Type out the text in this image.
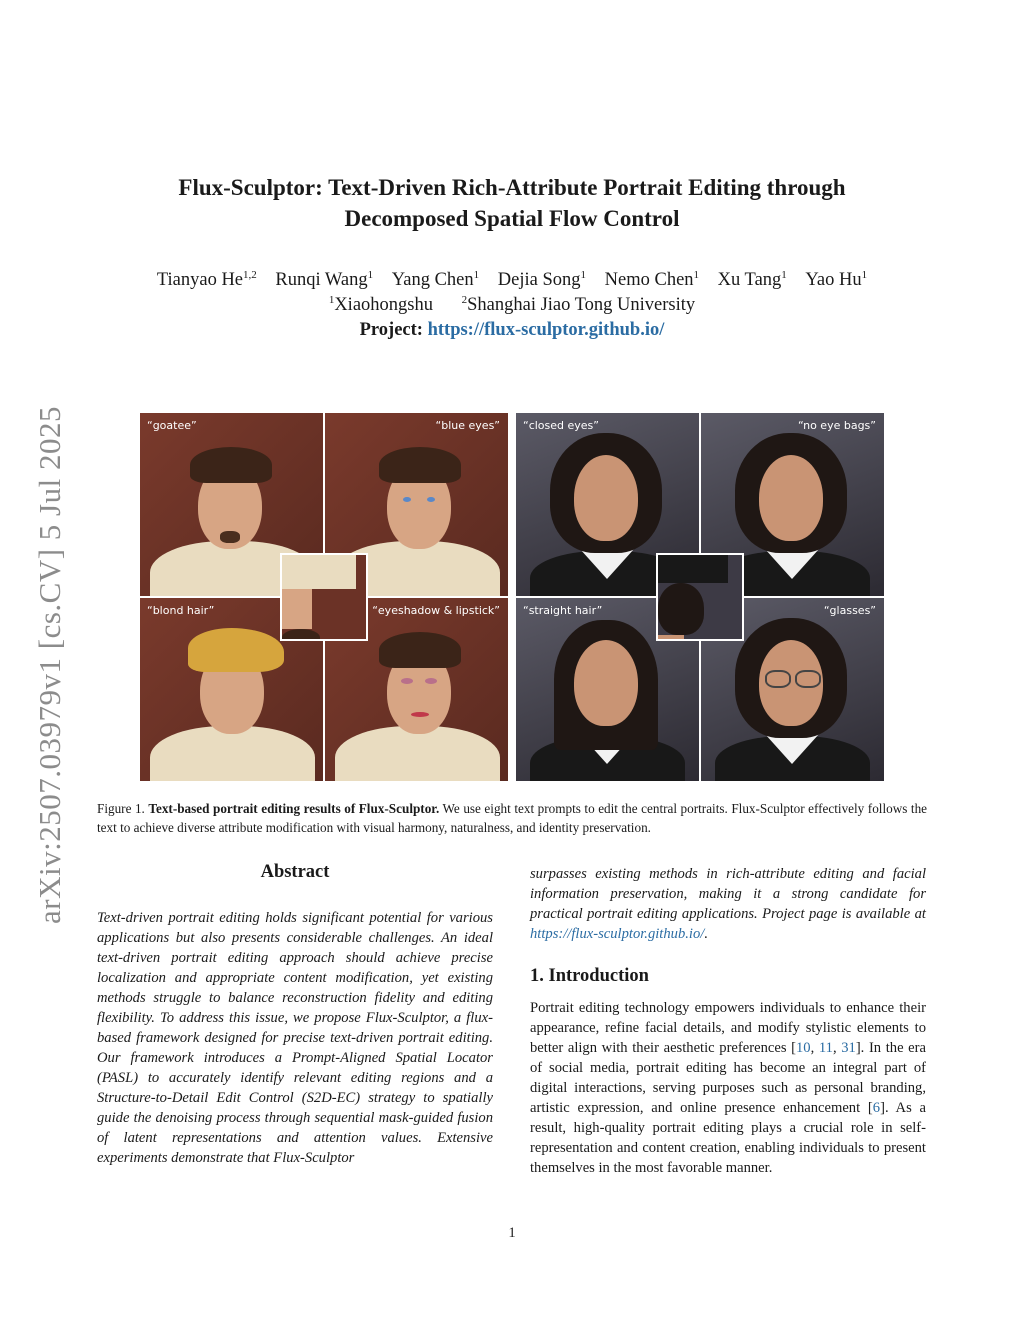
arXiv:2507.03979v1 [cs.CV] 5 Jul 2025
Flux-Sculptor: Text-Driven Rich-Attribute Portrait Editing through
Decomposed Spatial Flow Control
Tianyao He$^{1,2}$ Runqi Wang$^1$ Yang Chen$^1$ Dejia Song$^1$ Nemo Chen$^1$ Xu Tang$^1$ Yao Hu$^1$
$^1$Xiaohongshu	$^2$Shanghai Jiao Tong University
Project: https://flux-sculptor.github.io/
“goatee”	“blue eyes”
“blond hair”	“eyeshadow & lipstick”
“closed eyes”	“no eye bags”
“straight hair”	“glasses”
Figure 1. Text-based portrait editing results of Flux-Sculptor. We use eight text prompts to edit the central portraits. Flux-Sculptor effectively follows the text to achieve diverse attribute modification with visual harmony, naturalness, and identity preservation.
Abstract

Text-driven portrait editing holds significant potential for various applications but also presents considerable challenges. An ideal text-driven portrait editing approach should achieve precise localization and appropriate content modification, yet existing methods struggle to balance reconstruction fidelity and editing flexibility. To address this issue, we propose Flux-Sculptor, a flux-based framework designed for precise text-driven portrait editing. Our framework introduces a Prompt-Aligned Spatial Locator (PASL) to accurately identify relevant editing regions and a Structure-to-Detail Edit Control (S2D-EC) strategy to spatially guide the denoising process through sequential mask-guided fusion of latent representations and attention values. Extensive experiments demonstrate that Flux-Sculptor

surpasses existing methods in rich-attribute editing and facial information preservation, making it a strong candidate for practical portrait editing applications. Project page is available at https://flux-sculptor.github.io/.

1. Introduction

Portrait editing technology empowers individuals to enhance their appearance, refine facial details, and modify stylistic elements to better align with their aesthetic preferences [10, 11, 31]. In the era of social media, portrait editing has become an integral part of digital interactions, serving purposes such as personal branding, artistic expression, and online presence enhancement [6]. As a result, high-quality portrait editing plays a crucial role in self-representation and content creation, enabling individuals to present themselves in the most favorable manner.

1
